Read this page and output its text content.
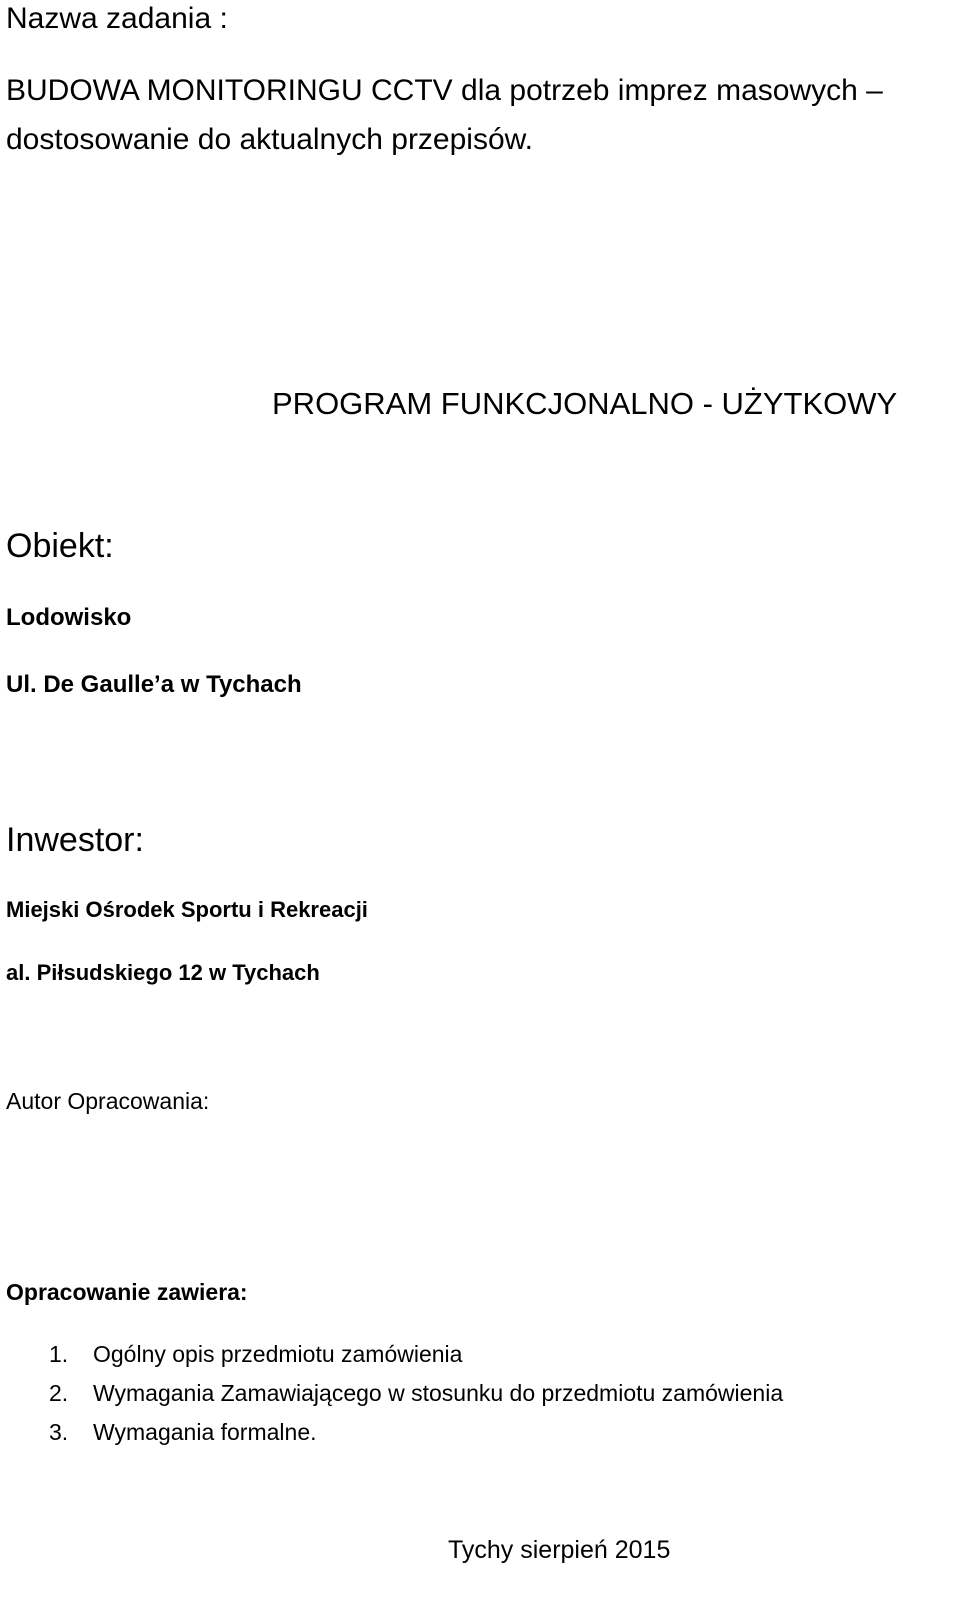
Nazwa zadania :

BUDOWA MONITORINGU CCTV dla potrzeb imprez masowych –

dostosowanie do aktualnych przepisów.

PROGRAM FUNKCJONALNO - UŻYTKOWY

Obiekt:

Lodowisko

Ul. De Gaulle’a w Tychach

Inwestor:

Miejski Ośrodek Sportu i Rekreacji

al. Piłsudskiego 12 w Tychach

Autor Opracowania:

Opracowanie zawiera:

1. Ogólny opis przedmiotu zamówienia
2. Wymagania Zamawiającego w stosunku do przedmiotu zamówienia
3. Wymagania formalne.

Tychy sierpień 2015
